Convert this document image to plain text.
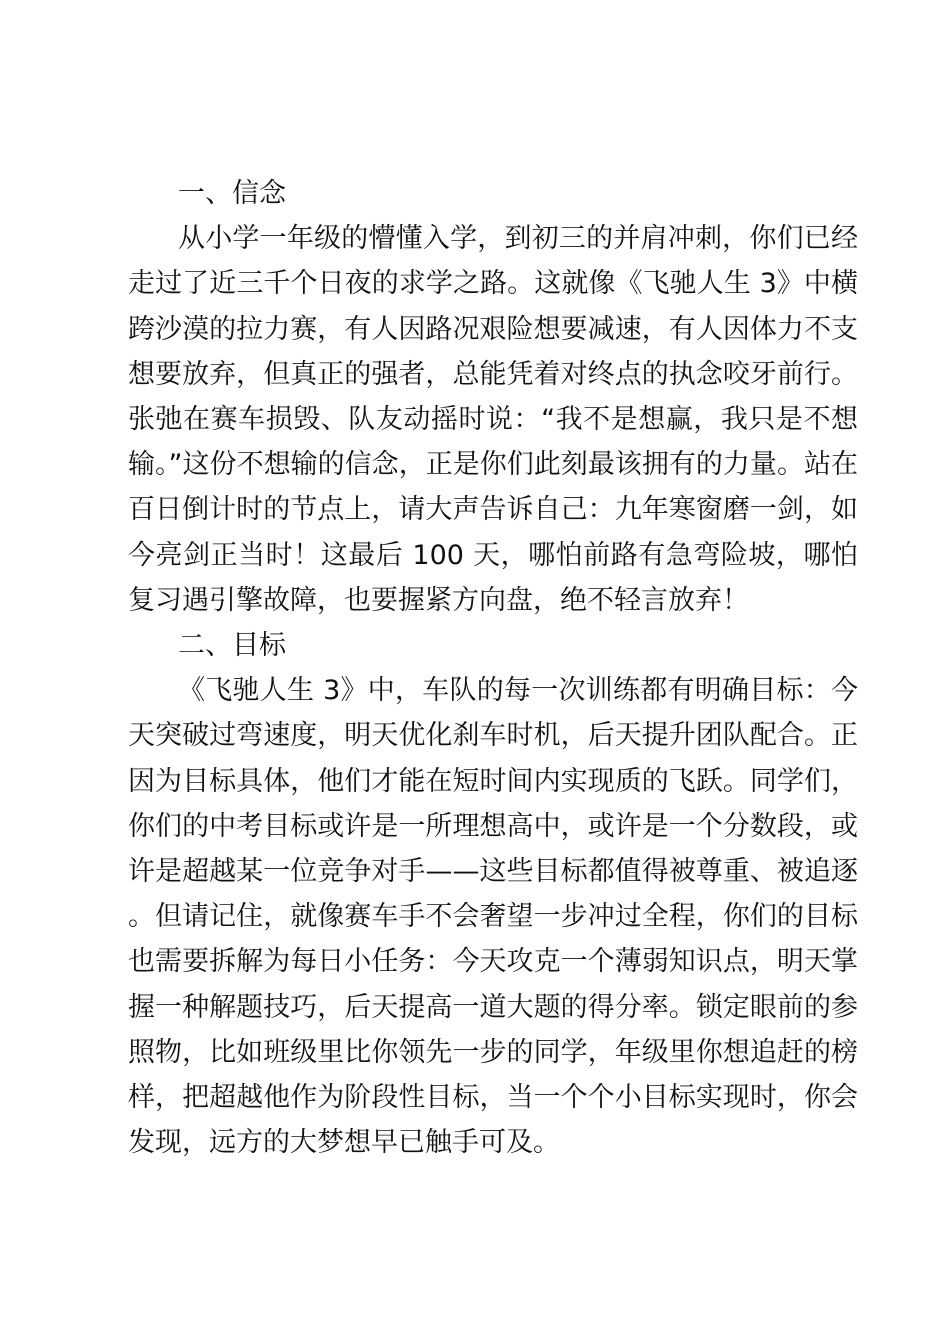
一、信念

从小学一年级的懵懂入学，到初三的并肩冲刺，你们已经走过了近三千个日夜的求学之路。这就像《飞驰人生 3》中横跨沙漠的拉力赛，有人因路况艰险想要减速，有人因体力不支想要放弃，但真正的强者，总能凭着对终点的执念咬牙前行。张弛在赛车损毁、队友动摇时说：“我不是想赢，我只是不想输。”这份不想输的信念，正是你们此刻最该拥有的力量。站在百日倒计时的节点上，请大声告诉自己：九年寒窗磨一剑，如今亮剑正当时！这最后 100 天，哪怕前路有急弯险坡，哪怕复习遇引擎故障，也要握紧方向盘，绝不轻言放弃！

二、目标

《飞驰人生 3》中，车队的每一次训练都有明确目标：今天突破过弯速度，明天优化刹车时机，后天提升团队配合。正因为目标具体，他们才能在短时间内实现质的飞跃。同学们，你们的中考目标或许是一所理想高中，或许是一个分数段，或许是超越某一位竞争对手——这些目标都值得被尊重、被追逐。但请记住，就像赛车手不会奢望一步冲过全程，你们的目标也需要拆解为每日小任务：今天攻克一个薄弱知识点，明天掌握一种解题技巧，后天提高一道大题的得分率。锁定眼前的参照物，比如班级里比你领先一步的同学，年级里你想追赶的榜样，把超越他作为阶段性目标，当一个个小目标实现时，你会发现，远方的大梦想早已触手可及。
